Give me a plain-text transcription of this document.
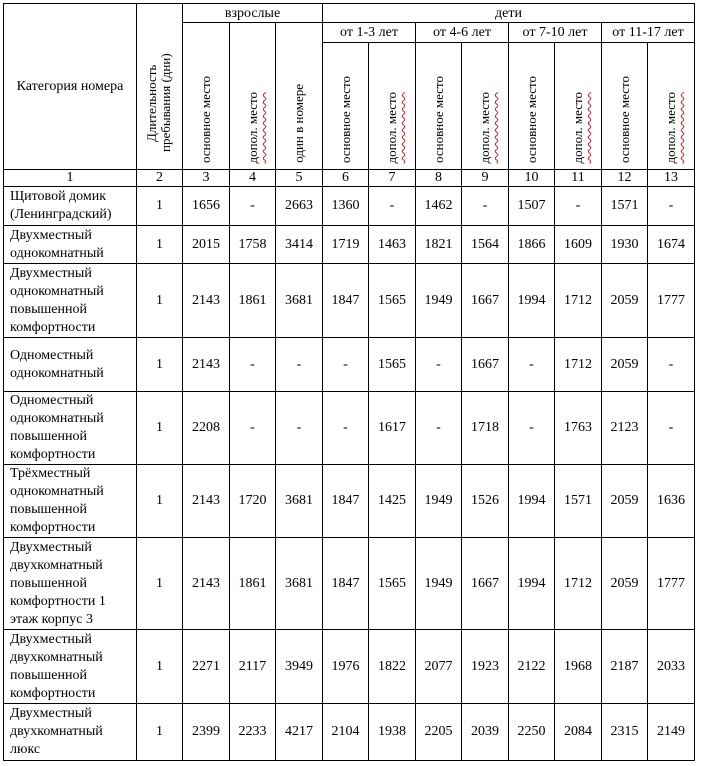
Категория номера	Длительность пребывания (дни)	взрослые			дети							

		основное место	допол. место	один в номере	от 1-3 лет		от 4-6 лет		от 7-10 лет		от 11-17 лет	

					основное место	допол. место	основное место	допол. место	основное место	допол. место	основное место	допол. место

1	2	3	4	5	6	7	8	9	10	11	12	13
Щитовой домик (Ленинградский)	1	1656	-	2663	1360	-	1462	-	1507	-	1571	-
Двухместный однокомнатный	1	2015	1758	3414	1719	1463	1821	1564	1866	1609	1930	1674
Двухместный однокомнатный повышенной комфортности	1	2143	1861	3681	1847	1565	1949	1667	1994	1712	2059	1777
Одноместный однокомнатный	1	2143	-	-	-	1565	-	1667	-	1712	2059	-
Одноместный однокомнатный повышенной комфортности	1	2208	-	-	-	1617	-	1718	-	1763	2123	-
Трёхместный однокомнатный повышенной комфортности	1	2143	1720	3681	1847	1425	1949	1526	1994	1571	2059	1636
Двухместный двухкомнатный повышенной комфортности 1 этаж корпус 3	1	2143	1861	3681	1847	1565	1949	1667	1994	1712	2059	1777
Двухместный двухкомнатный повышенной комфортности	1	2271	2117	3949	1976	1822	2077	1923	2122	1968	2187	2033
Двухместный двухкомнатный люкс	1	2399	2233	4217	2104	1938	2205	2039	2250	2084	2315	2149
